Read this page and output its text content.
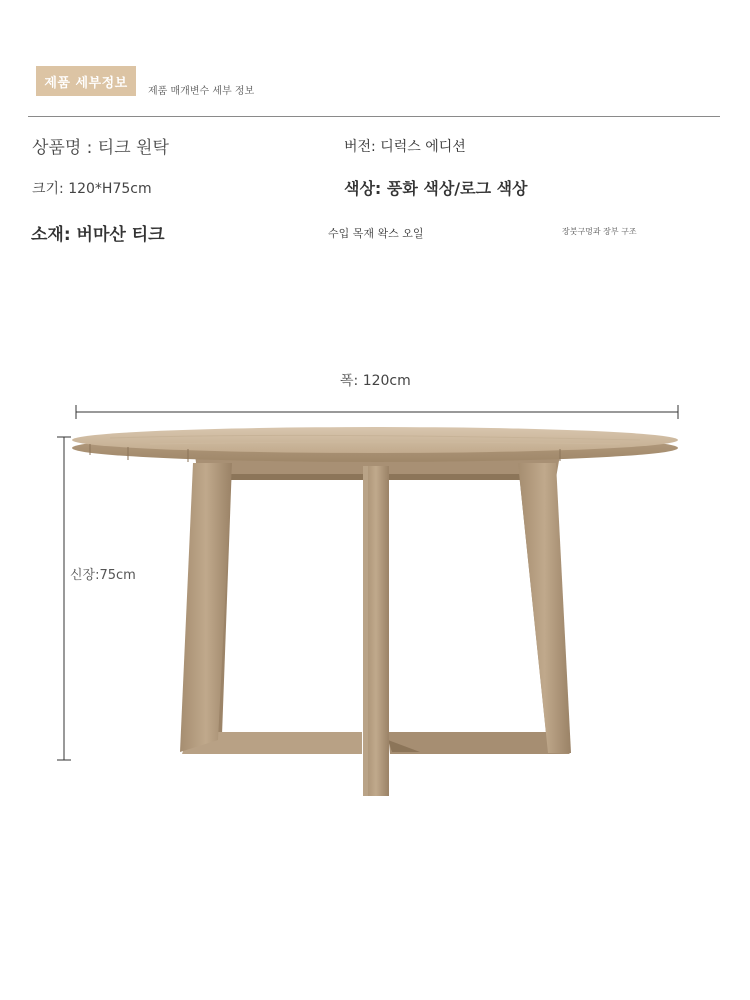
제품 세부정보
제품 매개변수 세부 정보
상품명 : 티크 원탁	버전: 디럭스 에디션
크기: 120*H75cm	색상: 풍화 색상/로그 색상
소재: 버마산 티크	수입 목재 왁스 오일	장붓구멍과 장부 구조
폭: 120cm
신장:75cm
